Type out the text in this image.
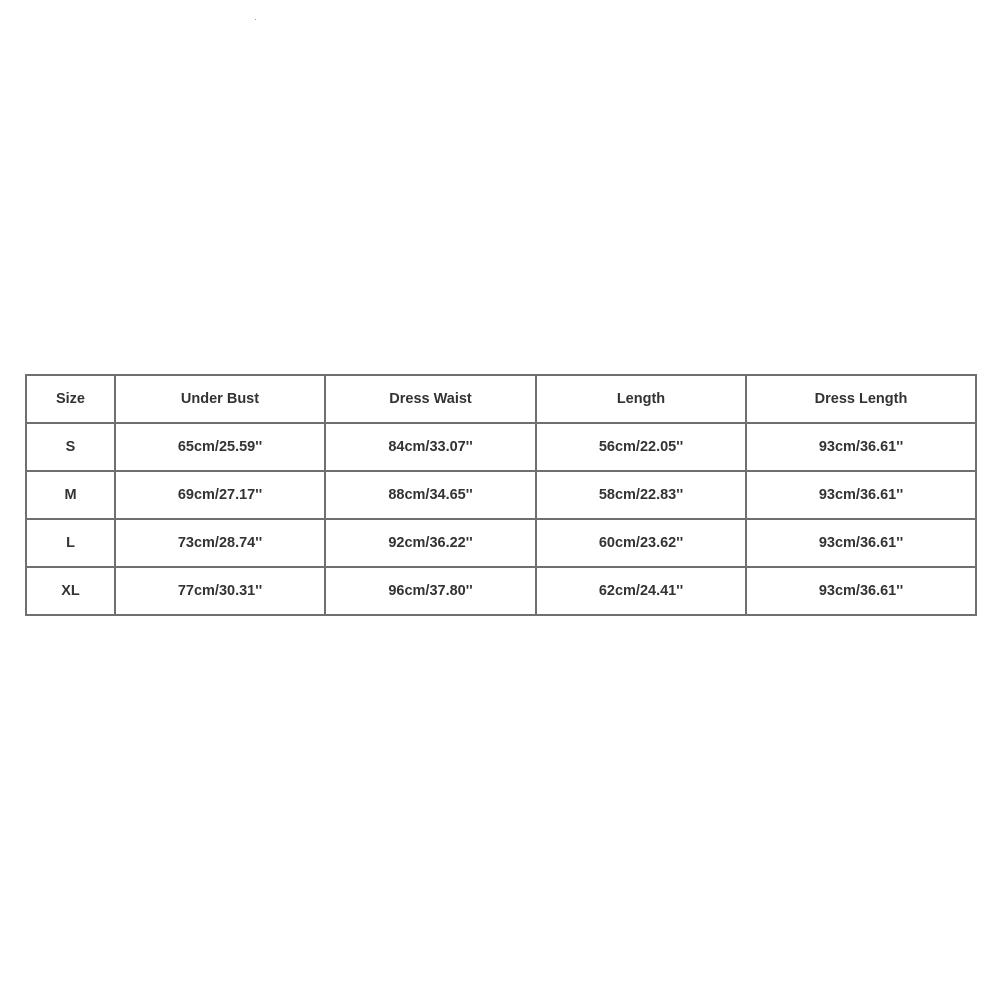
Size	Under Bust	Dress Waist	Length	Dress Length
S	65cm/25.59''	84cm/33.07''	56cm/22.05''	93cm/36.61''
M	69cm/27.17''	88cm/34.65''	58cm/22.83''	93cm/36.61''
L	73cm/28.74''	92cm/36.22''	60cm/23.62''	93cm/36.61''
XL	77cm/30.31''	96cm/37.80''	62cm/24.41''	93cm/36.61''
